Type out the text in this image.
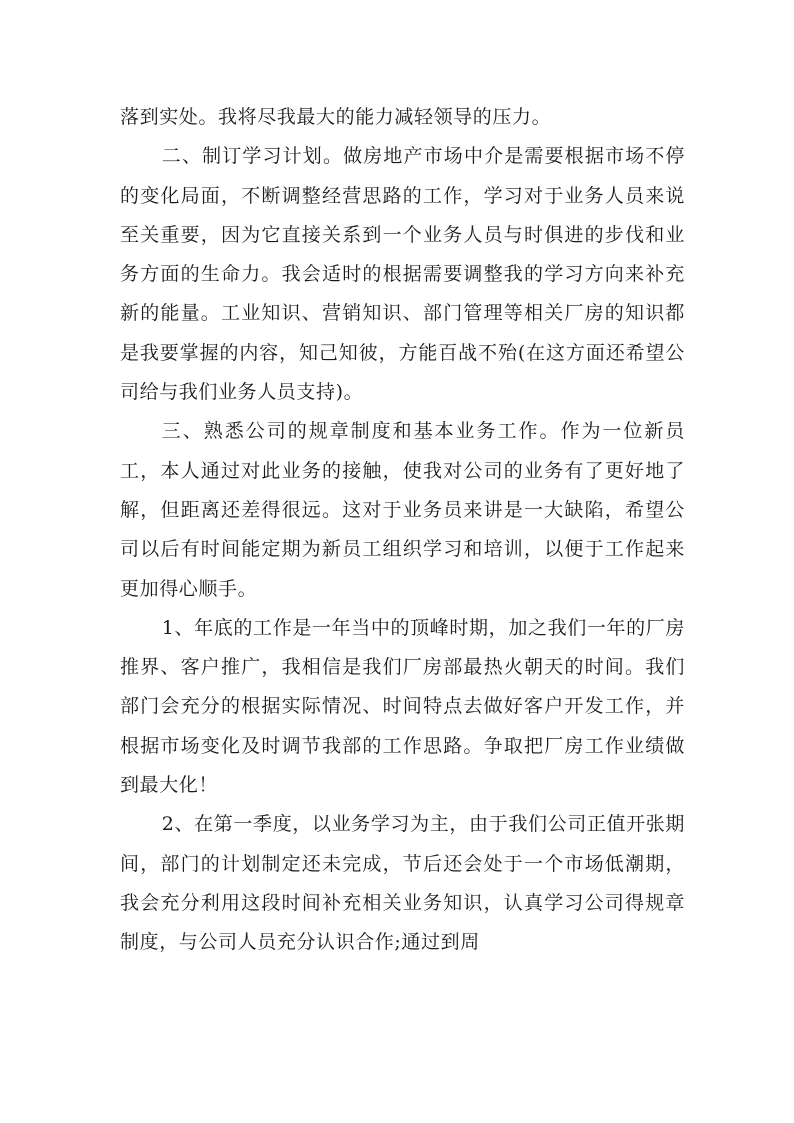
落到实处。我将尽我最大的能力减轻领导的压力。

二、制订学习计划。做房地产市场中介是需要根据市场不停的变化局面，不断调整经营思路的工作，学习对于业务人员来说至关重要，因为它直接关系到一个业务人员与时俱进的步伐和业务方面的生命力。我会适时的根据需要调整我的学习方向来补充新的能量。工业知识、营销知识、部门管理等相关厂房的知识都是我要掌握的内容，知己知彼，方能百战不殆(在这方面还希望公司给与我们业务人员支持)。

三、熟悉公司的规章制度和基本业务工作。作为一位新员工，本人通过对此业务的接触，使我对公司的业务有了更好地了解，但距离还差得很远。这对于业务员来讲是一大缺陷，希望公司以后有时间能定期为新员工组织学习和培训，以便于工作起来更加得心顺手。

1、年底的工作是一年当中的顶峰时期，加之我们一年的厂房推界、客户推广，我相信是我们厂房部最热火朝天的时间。我们部门会充分的根据实际情况、时间特点去做好客户开发工作，并根据市场变化及时调节我部的工作思路。争取把厂房工作业绩做到最大化！

2、在第一季度，以业务学习为主，由于我们公司正值开张期间，部门的计划制定还未完成，节后还会处于一个市场低潮期，我会充分利用这段时间补充相关业务知识，认真学习公司得规章制度，与公司人员充分认识合作;通过到周
